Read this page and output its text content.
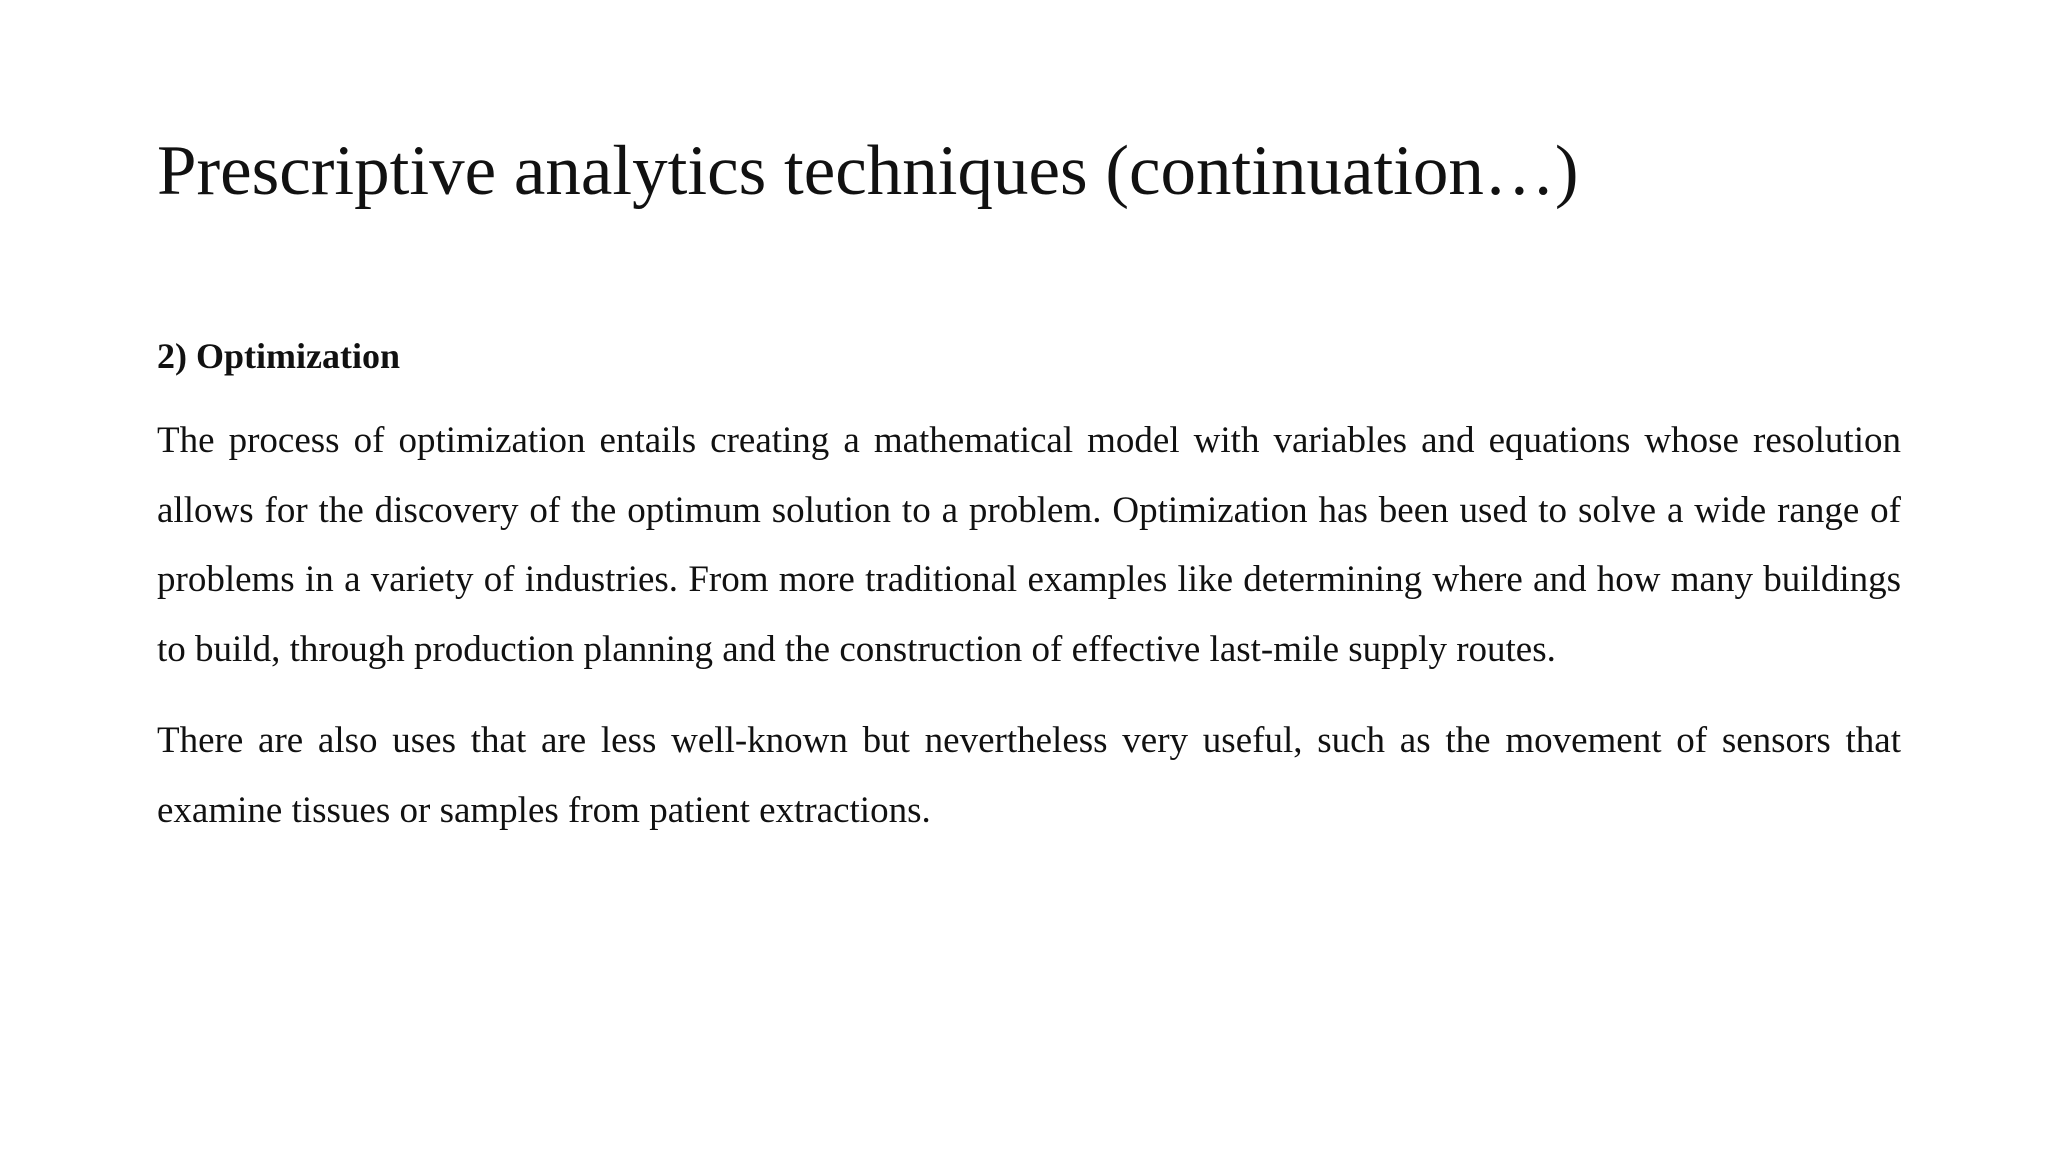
Prescriptive analytics techniques (continuation…)
2) Optimization

The process of optimization entails creating a mathematical model with variables and equations whose resolution allows for the discovery of the optimum solution to a problem. Optimization has been used to solve a wide range of problems in a variety of industries. From more traditional examples like determining where and how many buildings to build, through production planning and the construction of effective last-mile supply routes.

There are also uses that are less well-known but nevertheless very useful, such as the movement of sensors that examine tissues or samples from patient extractions.
